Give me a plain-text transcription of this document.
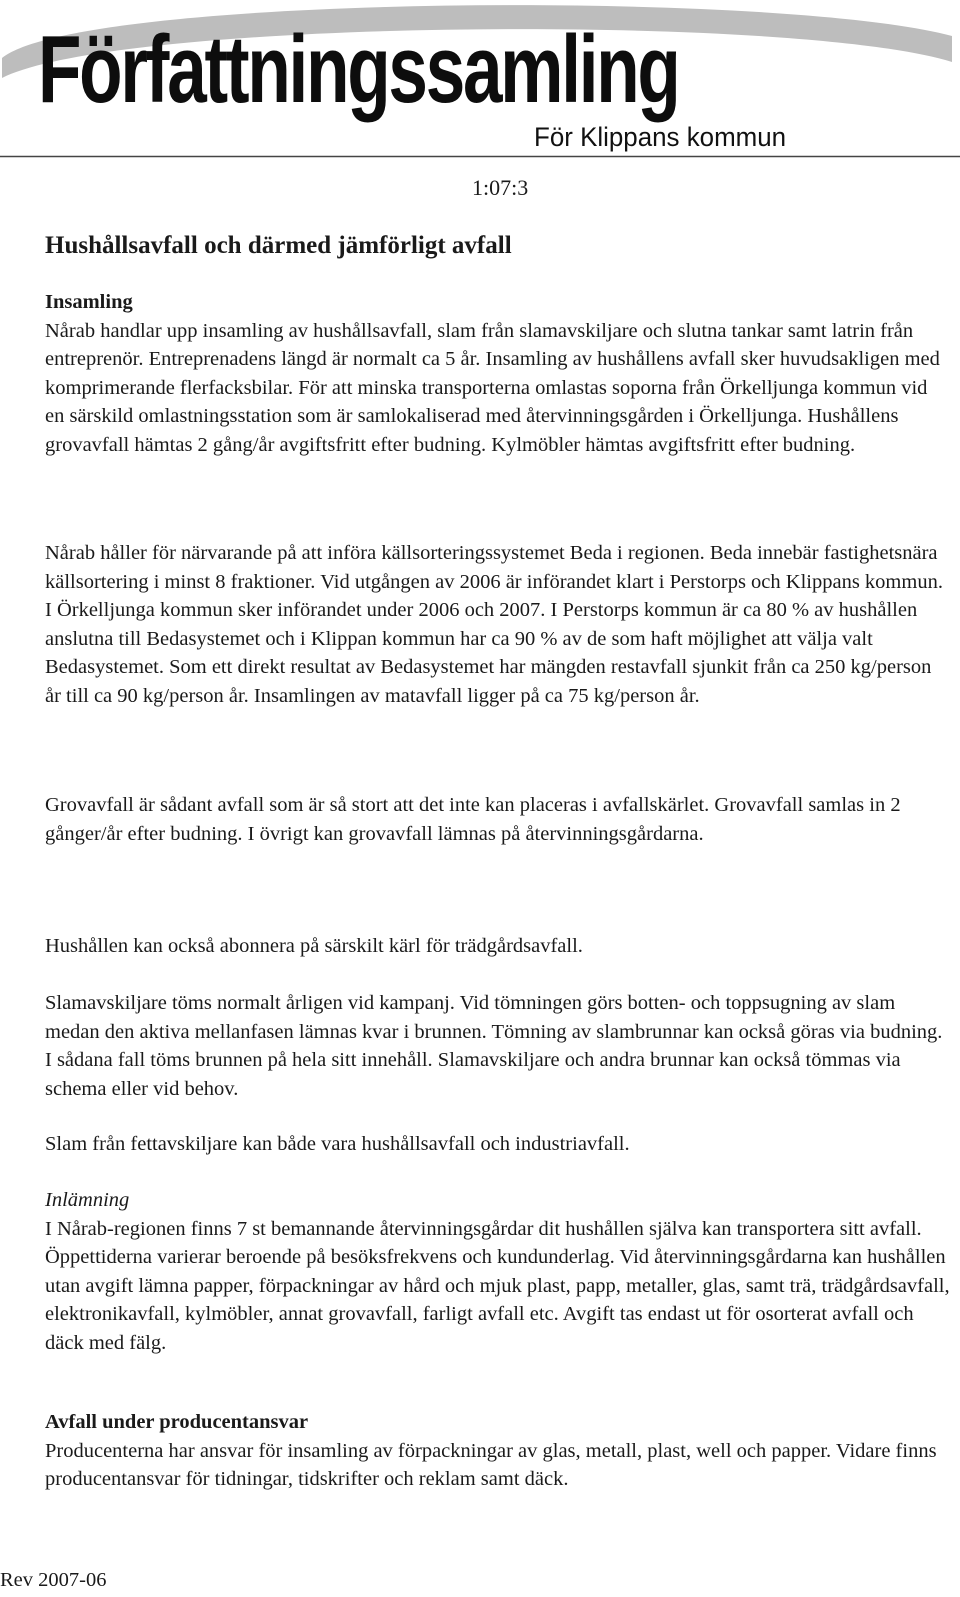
Författningssamling
För Klippans kommun
1:07:3
Hushållsavfall och därmed jämförligt avfall
Insamling
Nårab handlar upp insamling av hushållsavfall, slam från slamavskiljare och slutna tankar samt latrin från entreprenör. Entreprenadens längd är normalt ca 5 år. Insamling av hushållens avfall sker huvudsakligen med komprimerande flerfacksbilar. För att minska transporterna omlastas soporna från Örkelljunga kommun vid en särskild omlastningsstation som är samlokaliserad med återvinningsgården i Örkelljunga. Hushållens grovavfall hämtas 2 gång/år avgiftsfritt efter budning. Kylmöbler hämtas avgiftsfritt efter budning.
Nårab håller för närvarande på att införa källsorteringssystemet Beda i regionen. Beda innebär fastighetsnära källsortering i minst 8 fraktioner. Vid utgången av 2006 är införandet klart i Perstorps och Klippans kommun. I Örkelljunga kommun sker införandet under 2006 och 2007. I Perstorps kommun är ca 80 % av hushållen anslutna till Bedasystemet och i Klippan kommun har ca 90 % av de som haft möjlighet att välja valt Bedasystemet. Som ett direkt resultat av Bedasystemet har mängden restavfall sjunkit från ca 250 kg/person år till ca 90 kg/person år. Insamlingen av matavfall ligger på ca 75 kg/person år.
Grovavfall är sådant avfall som är så stort att det inte kan placeras i avfallskärlet. Grovavfall samlas in 2 gånger/år efter budning. I övrigt kan grovavfall lämnas på återvinningsgårdarna.
Hushållen kan också abonnera på särskilt kärl för trädgårdsavfall.
Slamavskiljare töms normalt årligen vid kampanj. Vid tömningen görs botten- och toppsugning av slam medan den aktiva mellanfasen lämnas kvar i brunnen. Tömning av slambrunnar kan också göras via budning. I sådana fall töms brunnen på hela sitt innehåll. Slamavskiljare och andra brunnar kan också tömmas via schema eller vid behov.
Slam från fettavskiljare kan både vara hushållsavfall och industriavfall.
Inlämning
I Nårab-regionen finns 7 st bemannande återvinningsgårdar dit hushållen själva kan transportera sitt avfall. Öppettiderna varierar beroende på besöksfrekvens och kundunderlag. Vid återvinningsgårdarna kan hushållen utan avgift lämna papper, förpackningar av hård och mjuk plast, papp, metaller, glas, samt trä, trädgårdsavfall, elektronikavfall, kylmöbler, annat grovavfall, farligt avfall etc. Avgift tas endast ut för osorterat avfall och däck med fälg.
Avfall under producentansvar
Producenterna har ansvar för insamling av förpackningar av glas, metall, plast, well och papper. Vidare finns producentansvar för tidningar, tidskrifter och reklam samt däck.
Rev 2007-06
